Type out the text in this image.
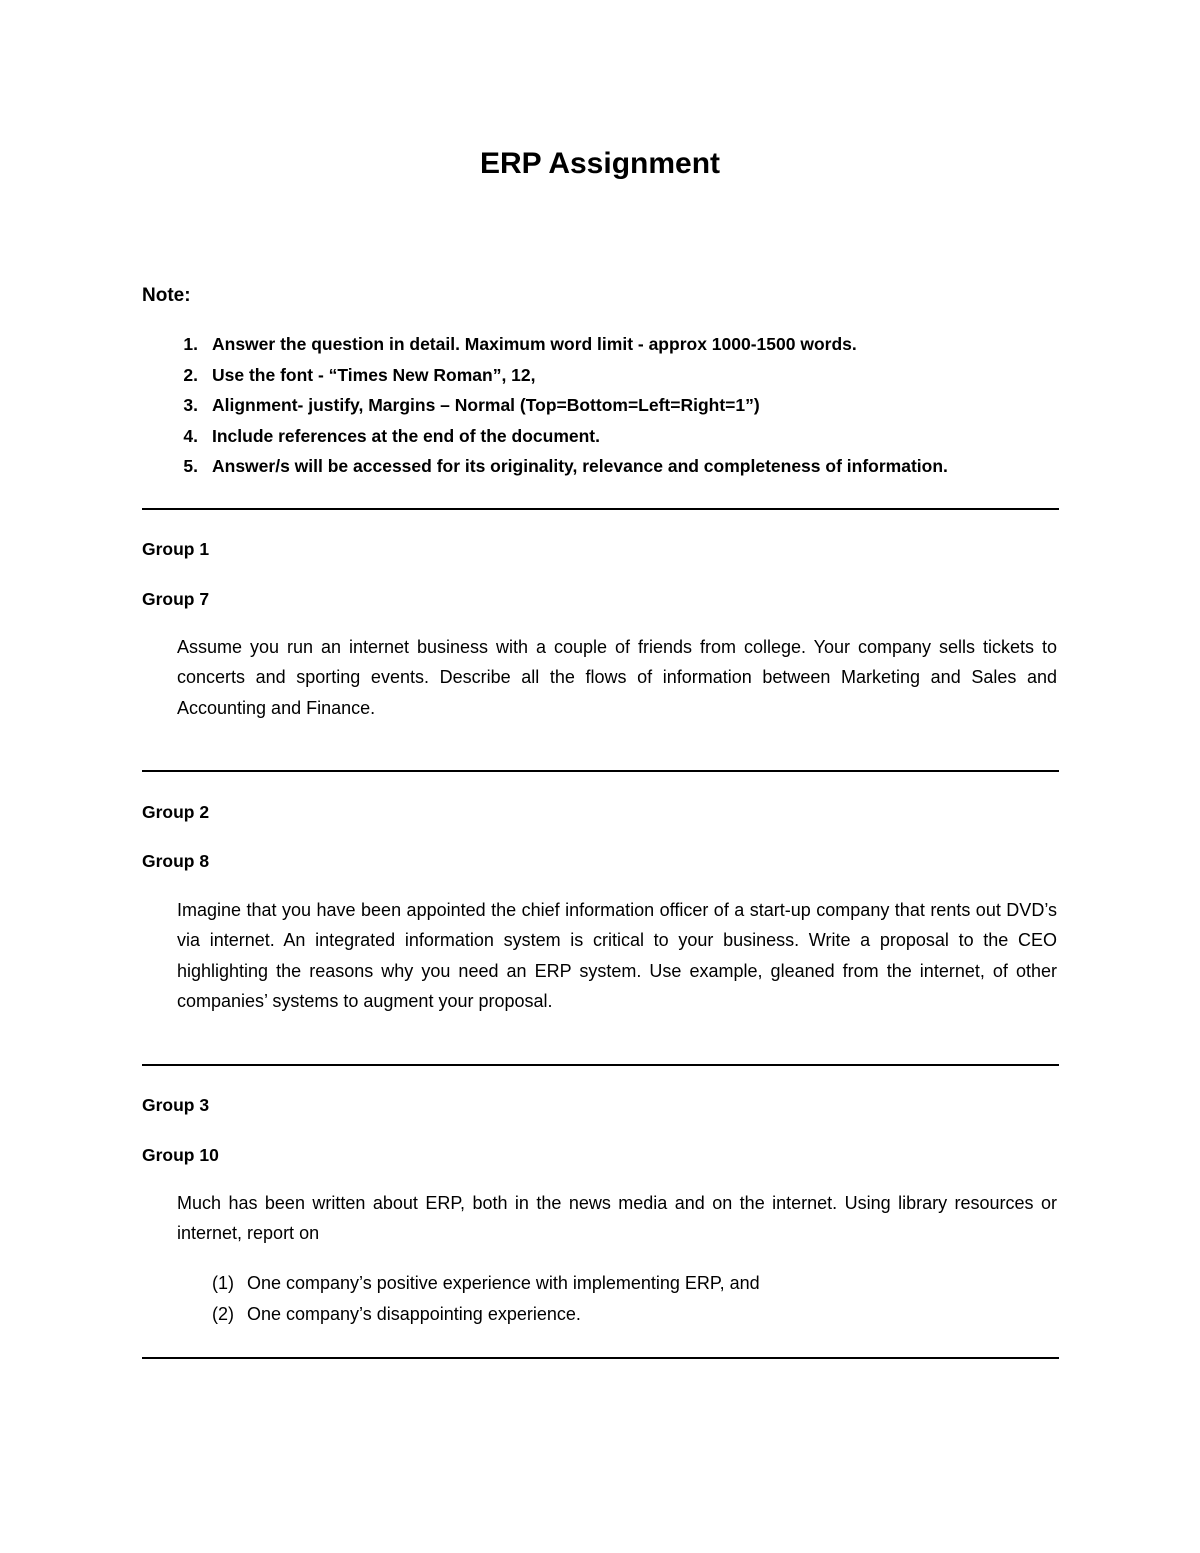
ERP Assignment
Note:
1. Answer the question in detail. Maximum word limit - approx 1000-1500 words.
2. Use the font - “Times New Roman”, 12,
3. Alignment- justify, Margins – Normal (Top=Bottom=Left=Right=1”)
4. Include references at the end of the document.
5. Answer/s will be accessed for its originality, relevance and completeness of information.
Group 1
Group 7

Assume you run an internet business with a couple of friends from college. Your company sells tickets to concerts and sporting events. Describe all the flows of information between Marketing and Sales and Accounting and Finance.

Group 2
Group 8

Imagine that you have been appointed the chief information officer of a start-up company that rents out DVD’s via internet. An integrated information system is critical to your business. Write a proposal to the CEO highlighting the reasons why you need an ERP system. Use example, gleaned from the internet, of other companies’ systems to augment your proposal.

Group 3
Group 10

Much has been written about ERP, both in the news media and on the internet. Using library resources or internet, report on

(1) One company’s positive experience with implementing ERP, and
(2) One company’s disappointing experience.
